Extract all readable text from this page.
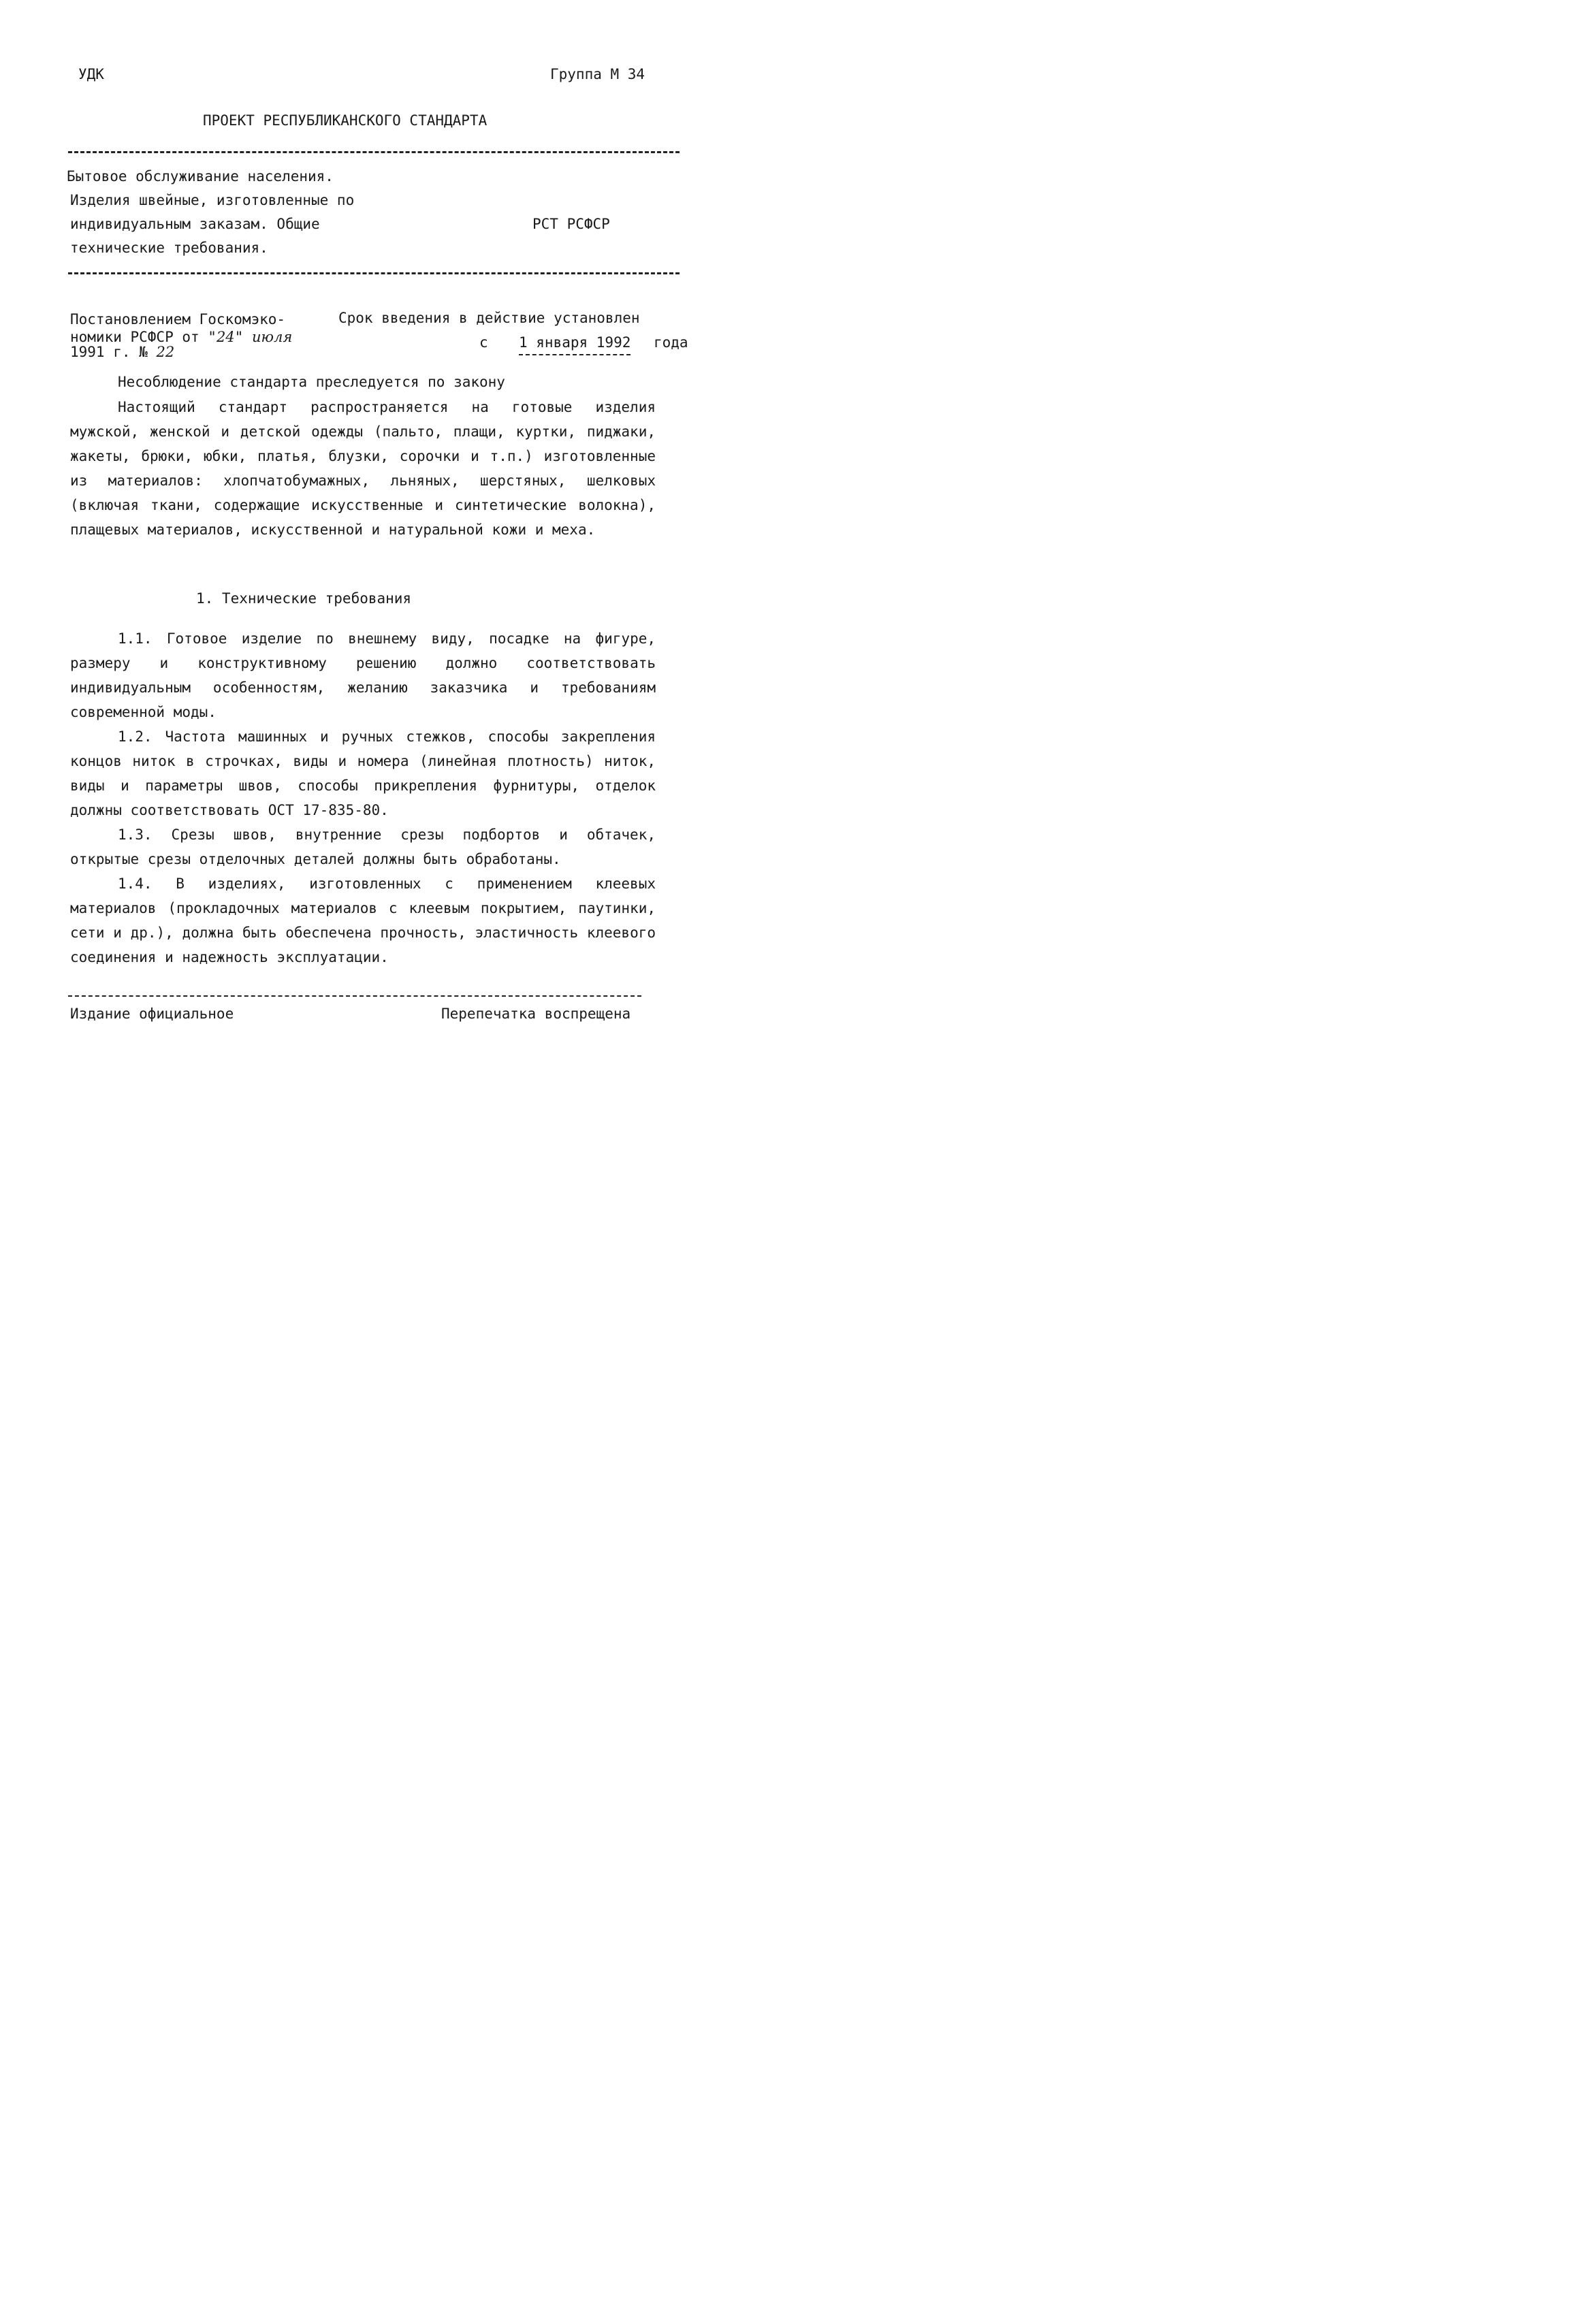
УДК	Группа М 34
ПРОЕКТ РЕСПУБЛИКАНСКОГО СТАНДАРТА
Бытовое обслуживание населения.
Изделия швейные, изготовленные по
индивидуальным заказам. Общие
технические требования.
РСТ РСФСР
Постановлением Госкомэко-
номики РСФСР от "24" июля
1991 г. № 22
Срок введения в действие установлен
с 1 января 1992 года
Несоблюдение стандарта преследуется по закону
Настоящий стандарт распространяется на готовые изделия мужской, женской и детской одежды (пальто, плащи, куртки, пиджаки, жакеты, брюки, юбки, платья, блузки, сорочки и т.п.) изготовленные из материалов: хлопчатобумажных, льняных, шерстяных, шелковых (включая ткани, содержащие искусственные и синтетические волокна), плащевых материалов, искусственной и натуральной кожи и меха.
1. Технические требования
1.1. Готовое изделие по внешнему виду, посадке на фигуре, размеру и конструктивному решению должно соответствовать индивидуальным особенностям, желанию заказчика и требованиям современной моды.
1.2. Частота машинных и ручных стежков, способы закрепления концов ниток в строчках, виды и номера (линейная плотность) ниток, виды и параметры швов, способы прикрепления фурнитуры, отделок должны соответствовать ОСТ 17-835-80.
1.3. Срезы швов, внутренние срезы подбортов и обтачек, открытые срезы отделочных деталей должны быть обработаны.
1.4. В изделиях, изготовленных с применением клеевых материалов (прокладочных материалов с клеевым покрытием, паутинки, сети и др.), должна быть обеспечена прочность, эластичность клеевого соединения и надежность эксплуатации.
Издание официальное	Перепечатка воспрещена
